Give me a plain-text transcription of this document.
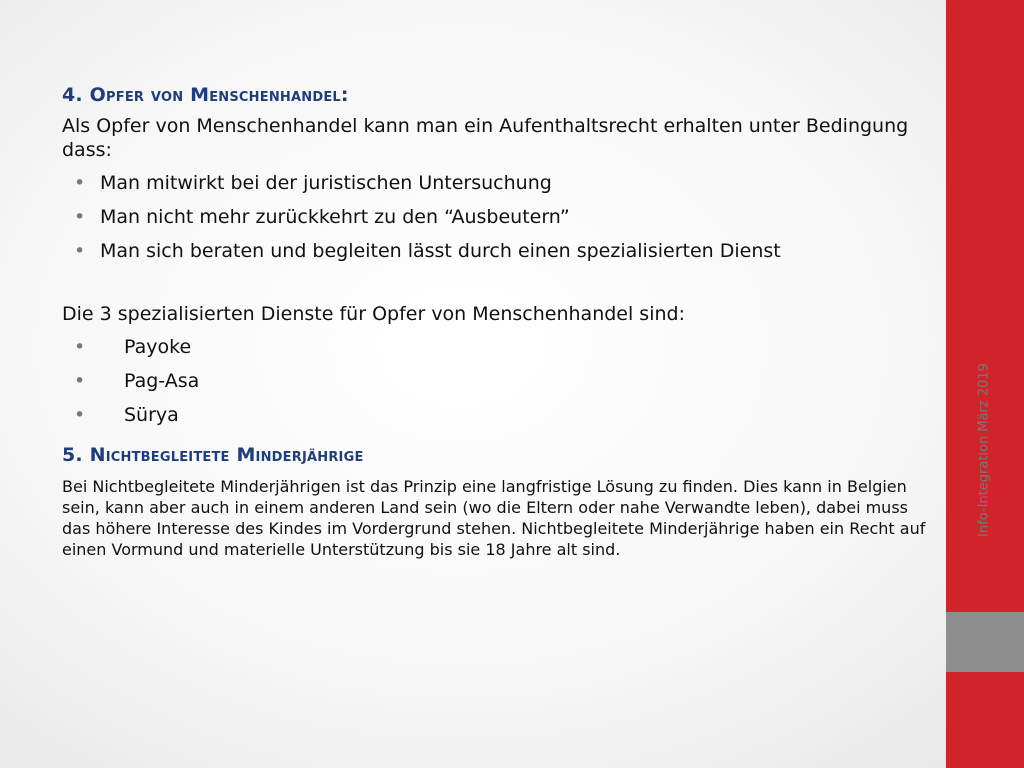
4. Opfer von Menschenhandel:

Als Opfer von Menschenhandel kann man ein Aufenthaltsrecht erhalten unter Bedingung dass:

• Man mitwirkt bei der juristischen Untersuchung
• Man nicht mehr zurückkehrt zu den “Ausbeutern”
• Man sich beraten und begleiten lässt durch einen spezialisierten Dienst

Die 3 spezialisierten Dienste für Opfer von Menschenhandel sind:

• Payoke
• Pag-Asa
• Sürya
5. Nichtbegleitete Minderjährige

Bei Nichtbegleitete Minderjährigen ist das Prinzip eine langfristige Lösung zu finden. Dies kann in Belgien sein, kann aber auch in einem anderen Land sein (wo die Eltern oder nahe Verwandte leben), dabei muss das höhere Interesse des Kindes im Vordergrund stehen. Nichtbegleitete Minderjährige haben ein Recht auf einen Vormund und materielle Unterstützung bis sie 18 Jahre alt sind.

Info-Integration März 2019
